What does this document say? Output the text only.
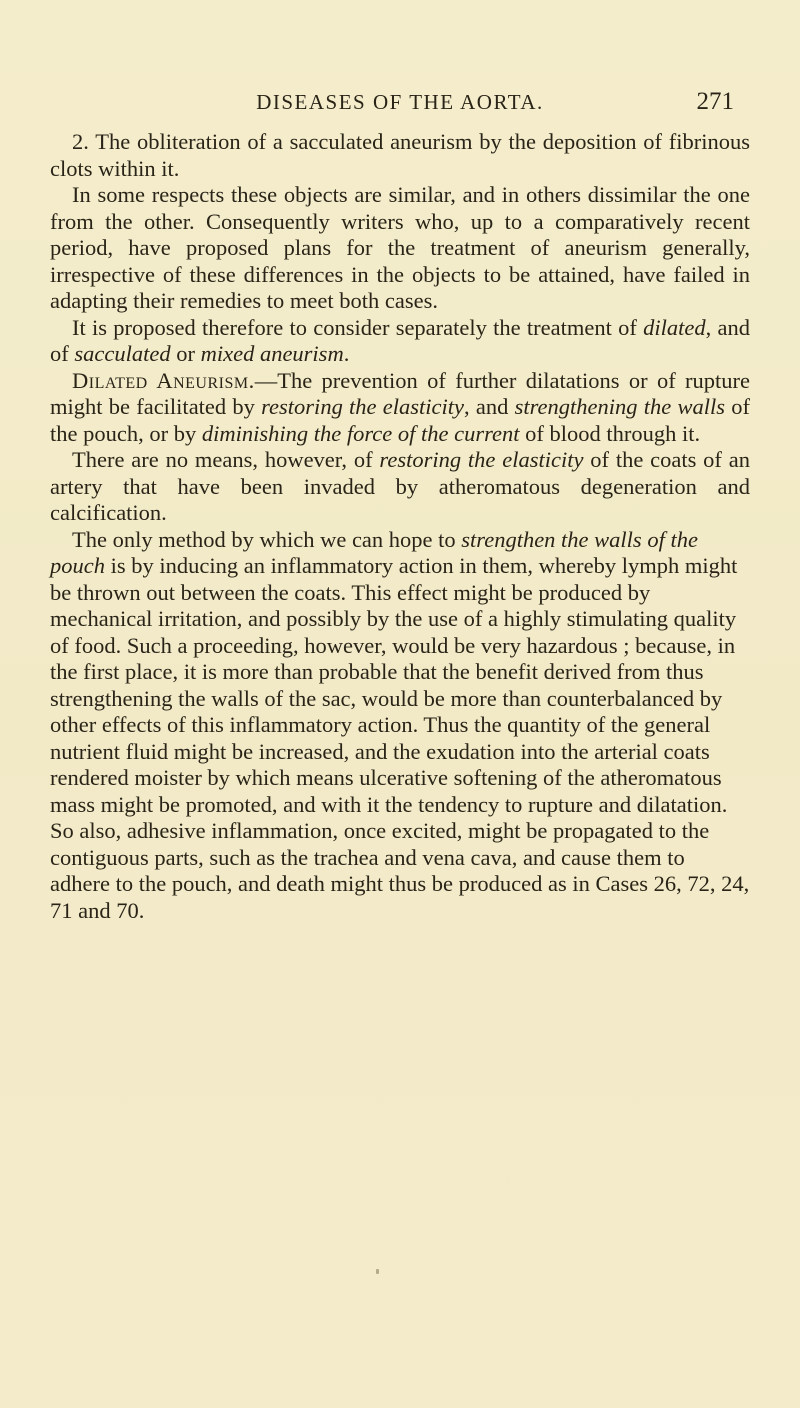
DISEASES OF THE AORTA.	271

2. The obliteration of a sacculated aneurism by the deposition of fibrinous clots within it.

In some respects these objects are similar, and in others dissimilar the one from the other. Consequently writers who, up to a comparatively recent period, have proposed plans for the treatment of aneurism generally, irrespective of these differences in the objects to be attained, have failed in adapting their remedies to meet both cases.

It is proposed therefore to consider separately the treatment of dilated, and of sacculated or mixed aneurism.

Dilated Aneurism.—The prevention of further dilatations or of rupture might be facilitated by restoring the elasticity, and strengthening the walls of the pouch, or by diminishing the force of the current of blood through it.

There are no means, however, of restoring the elasticity of the coats of an artery that have been invaded by atheromatous degeneration and calcification.

The only method by which we can hope to strengthen the walls of the pouch is by inducing an inflammatory action in them, whereby lymph might be thrown out between the coats. This effect might be produced by mechanical irritation, and possibly by the use of a highly stimulating quality of food. Such a proceeding, however, would be very hazardous ; because, in the first place, it is more than probable that the benefit derived from thus strengthening the walls of the sac, would be more than counterbalanced by other effects of this inflammatory action. Thus the quantity of the general nutrient fluid might be increased, and the exudation into the arterial coats rendered moister by which means ulcerative softening of the atheromatous mass might be promoted, and with it the tendency to rupture and dilatation. So also, adhesive inflammation, once excited, might be propagated to the contiguous parts, such as the trachea and vena cava, and cause them to adhere to the pouch, and death might thus be produced as in Cases 26, 72, 24, 71 and 70.
